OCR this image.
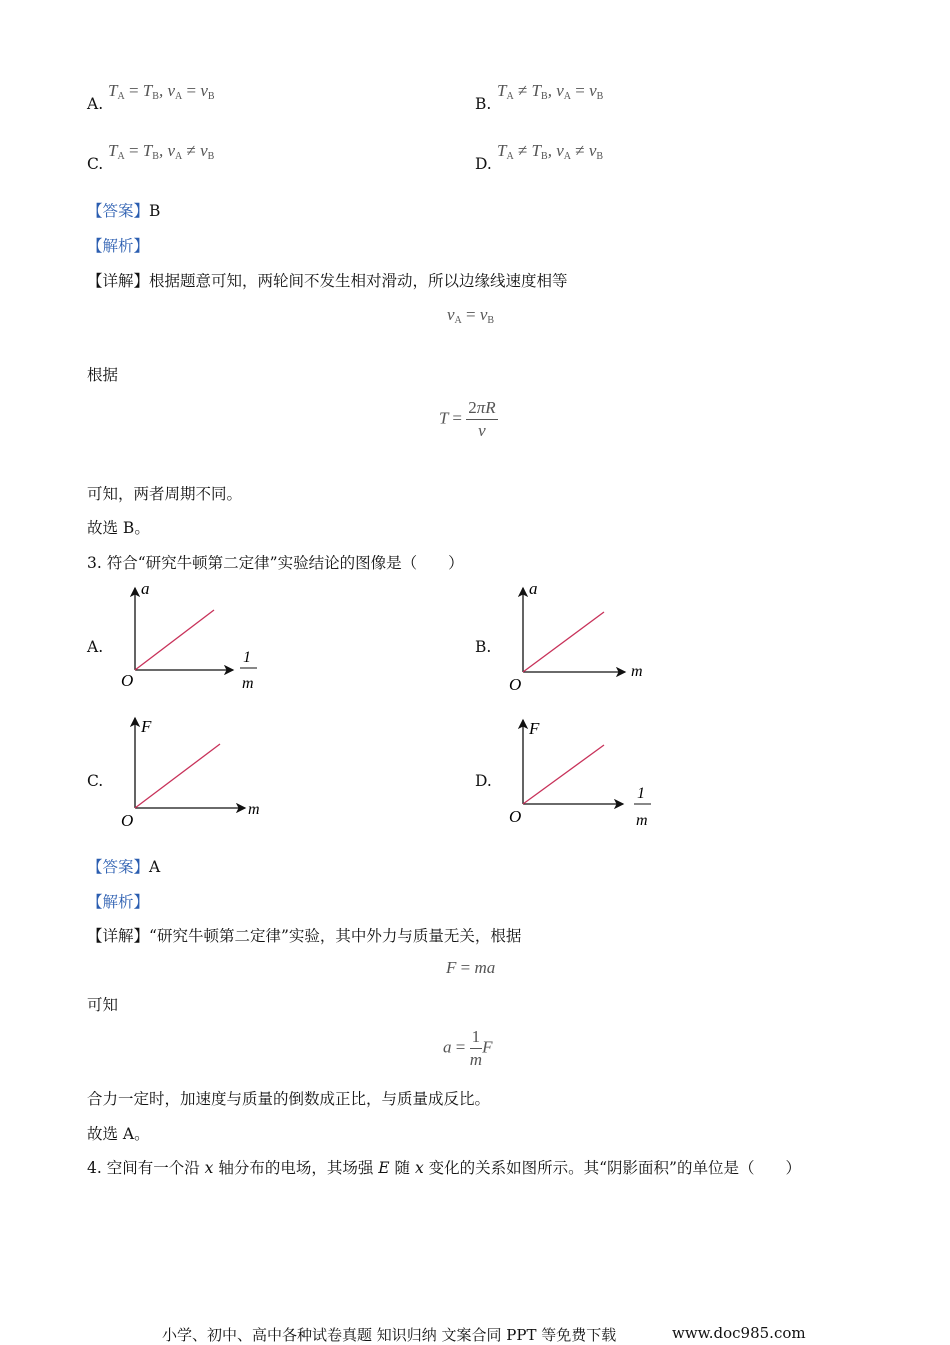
A.
$T_A = T_B$, $v_A = v_B$	B.
$T_A \ne T_B$, $v_A = v_B$
C.
$T_A = T_B$, $v_A \ne v_B$	D.
$T_A \ne T_B$, $v_A \ne v_B$
【答案】B
【解析】
【详解】根据题意可知，两轮间不发生相对滑动，所以边缘线速度相等
$v_A = v_B$
根据
$T = \frac{2\pi R}{v}$
可知，两者周期不同。
故选 B。
3. 符合“研究牛顿第二定律”实验结论的图像是（　　）
A.
a
O
1
m
B.
a
O
m
C.
F
O
m
D.
F
O
1
m
【答案】A
【解析】
【详解】“研究牛顿第二定律”实验，其中外力与质量无关，根据
F = ma
可知
$a = \frac{1}{m}$ F
合力一定时，加速度与质量的倒数成正比，与质量成反比。
故选 A。
4. 空间有一个沿 x 轴分布的电场，其场强 E 随 x 变化的关系如图所示。其“阴影面积”的单位是（　　）
小学、初中、高中各种试卷真题 知识归纳 文案合同 PPT 等免费下载	www.doc985.com
